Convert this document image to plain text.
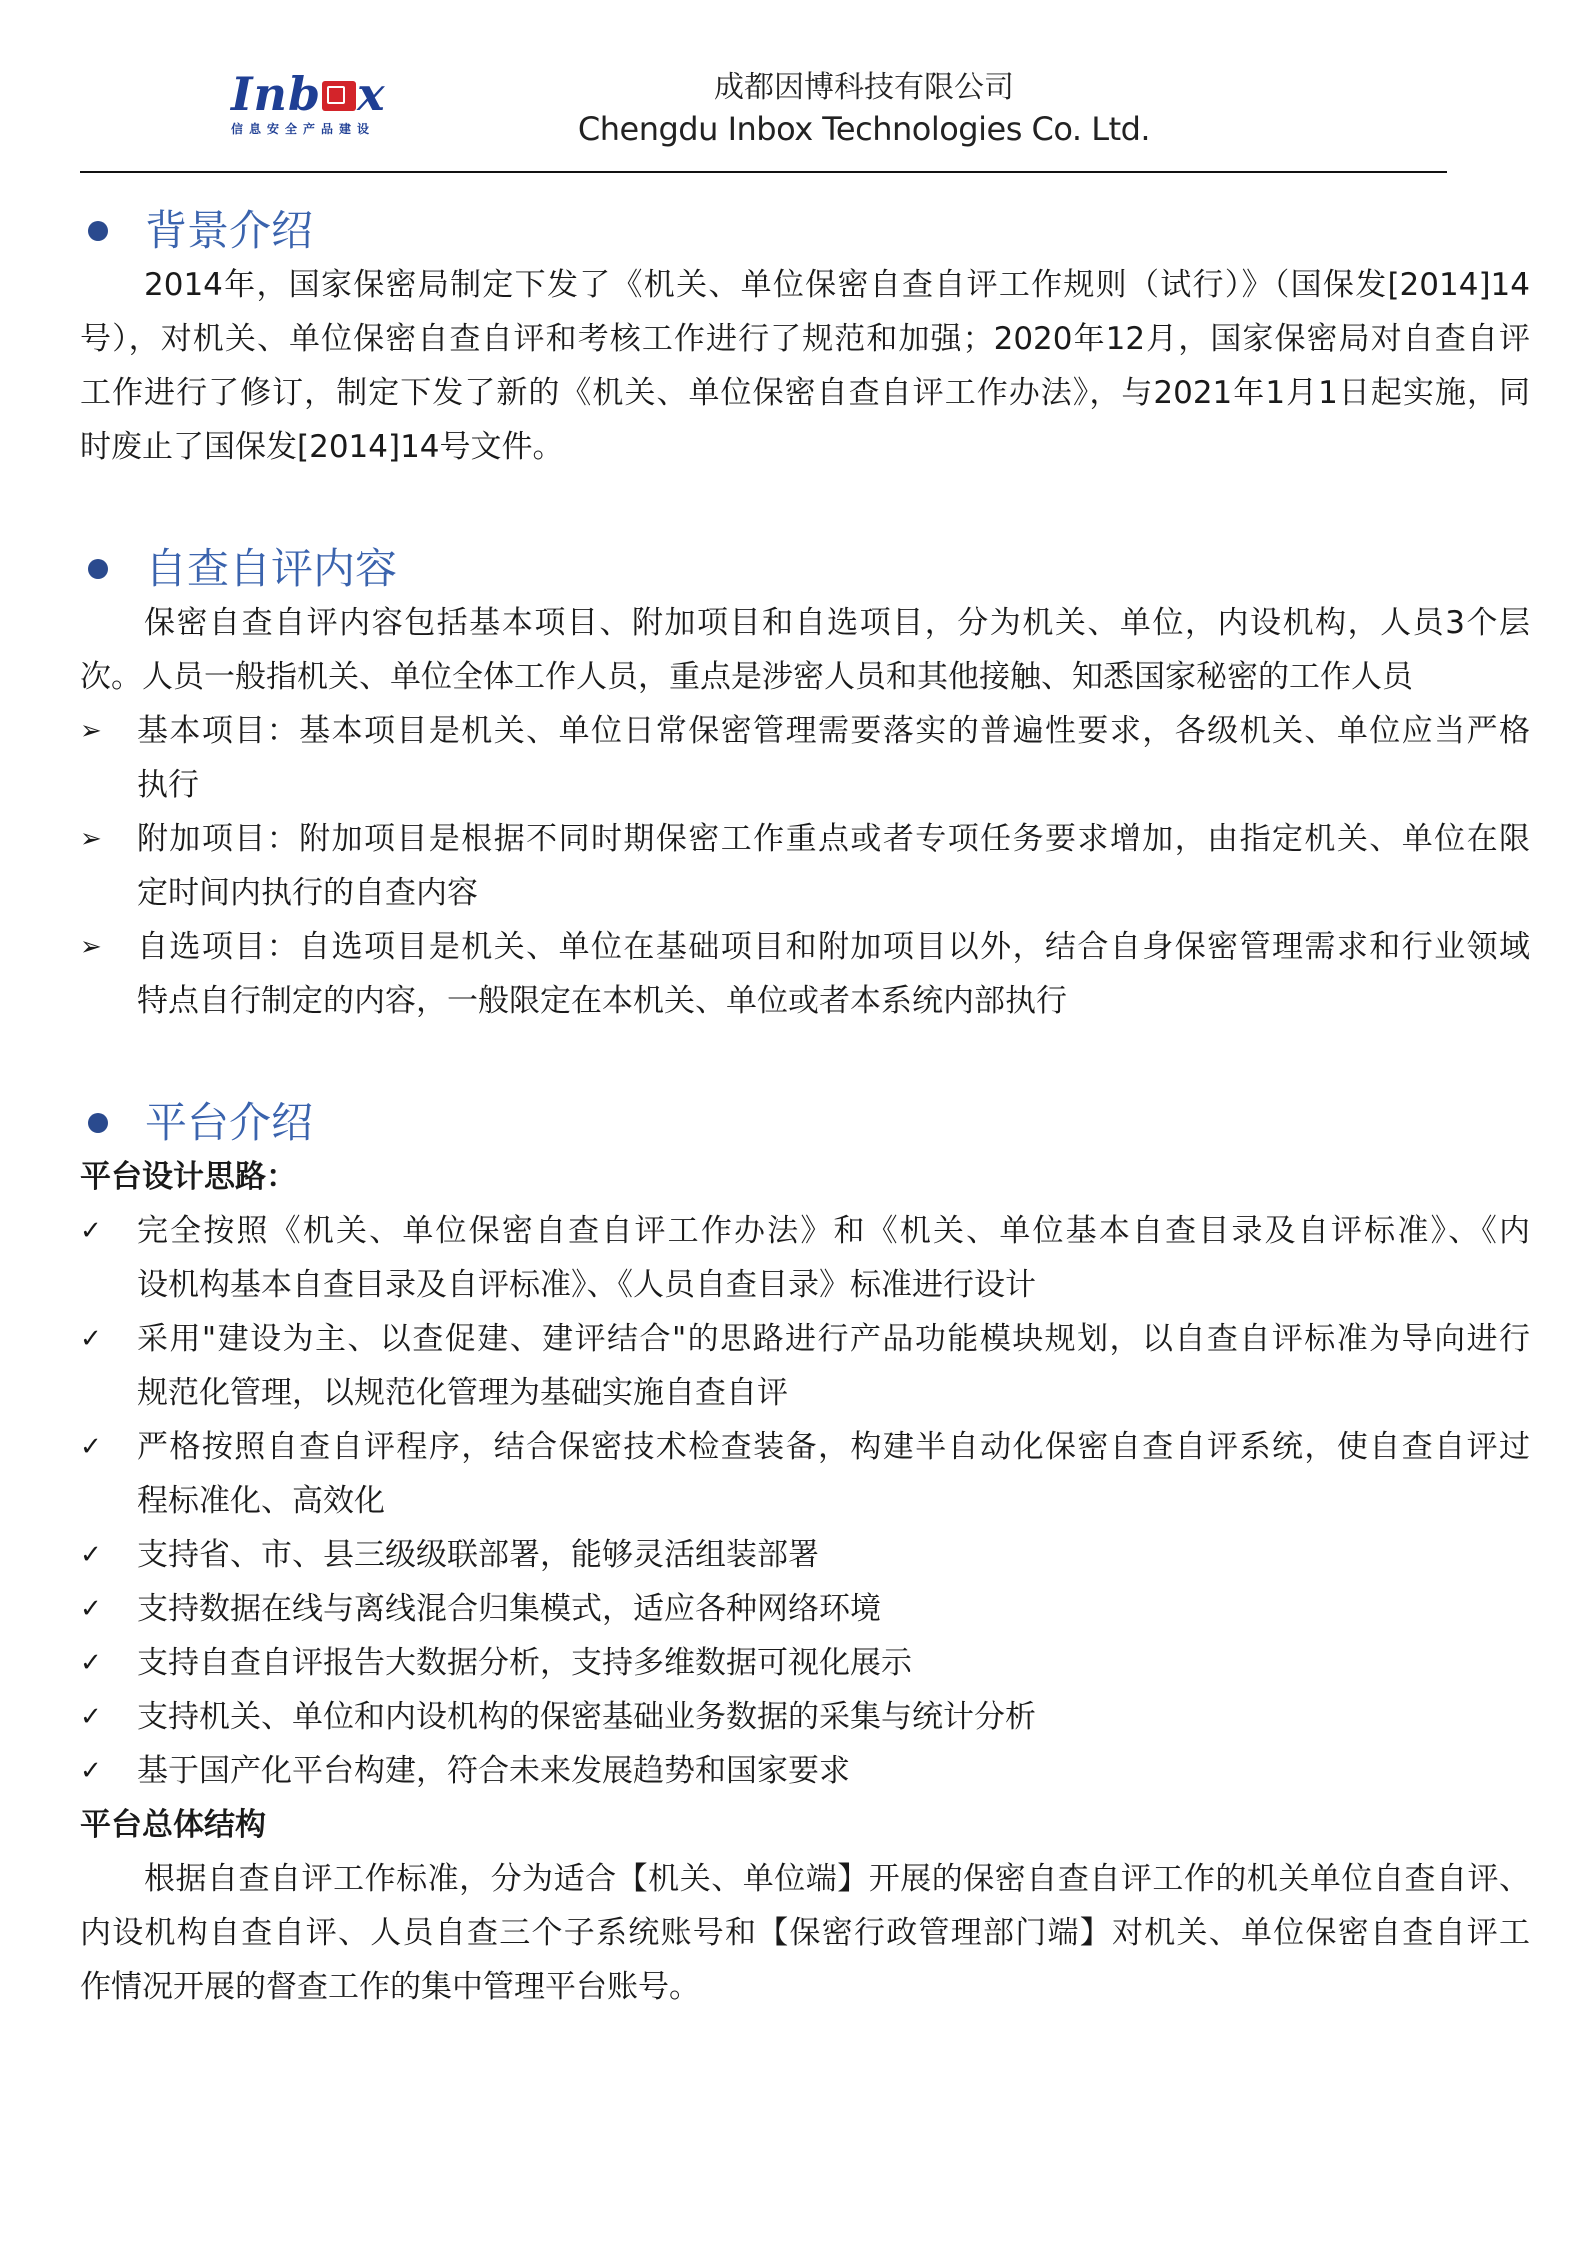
Inb x
信息安全产品建设
成都因博科技有限公司
Chengdu Inbox Technologies Co. Ltd.
背景介绍
2014年，国家保密局制定下发了《机关、单位保密自查自评工作规则（试行）》（国保发[2014]14
号），对机关、单位保密自查自评和考核工作进行了规范和加强；2020年12月，国家保密局对自查自评
工作进行了修订，制定下发了新的《机关、单位保密自查自评工作办法》，与2021年1月1日起实施，同
时废止了国保发[2014]14号文件。
自查自评内容
保密自查自评内容包括基本项目、附加项目和自选项目，分为机关、单位，内设机构，人员3个层
次。人员一般指机关、单位全体工作人员，重点是涉密人员和其他接触、知悉国家秘密的工作人员
➢	基本项目：基本项目是机关、单位日常保密管理需要落实的普遍性要求，各级机关、单位应当严格
执行
➢	附加项目：附加项目是根据不同时期保密工作重点或者专项任务要求增加，由指定机关、单位在限
定时间内执行的自查内容
➢	自选项目：自选项目是机关、单位在基础项目和附加项目以外，结合自身保密管理需求和行业领域
特点自行制定的内容，一般限定在本机关、单位或者本系统内部执行
平台介绍
平台设计思路：
✓	完全按照《机关、单位保密自查自评工作办法》和《机关、单位基本自查目录及自评标准》、《内
设机构基本自查目录及自评标准》、《人员自查目录》标准进行设计
✓	采用"建设为主、以查促建、建评结合"的思路进行产品功能模块规划，以自查自评标准为导向进行
规范化管理，以规范化管理为基础实施自查自评
✓	严格按照自查自评程序，结合保密技术检查装备，构建半自动化保密自查自评系统，使自查自评过
程标准化、高效化
✓	支持省、市、县三级级联部署，能够灵活组装部署
✓	支持数据在线与离线混合归集模式，适应各种网络环境
✓	支持自查自评报告大数据分析，支持多维数据可视化展示
✓	支持机关、单位和内设机构的保密基础业务数据的采集与统计分析
✓	基于国产化平台构建，符合未来发展趋势和国家要求
平台总体结构
根据自查自评工作标准，分为适合【机关、单位端】开展的保密自查自评工作的机关单位自查自评、
内设机构自查自评、人员自查三个子系统账号和【保密行政管理部门端】对机关、单位保密自查自评工
作情况开展的督查工作的集中管理平台账号。
